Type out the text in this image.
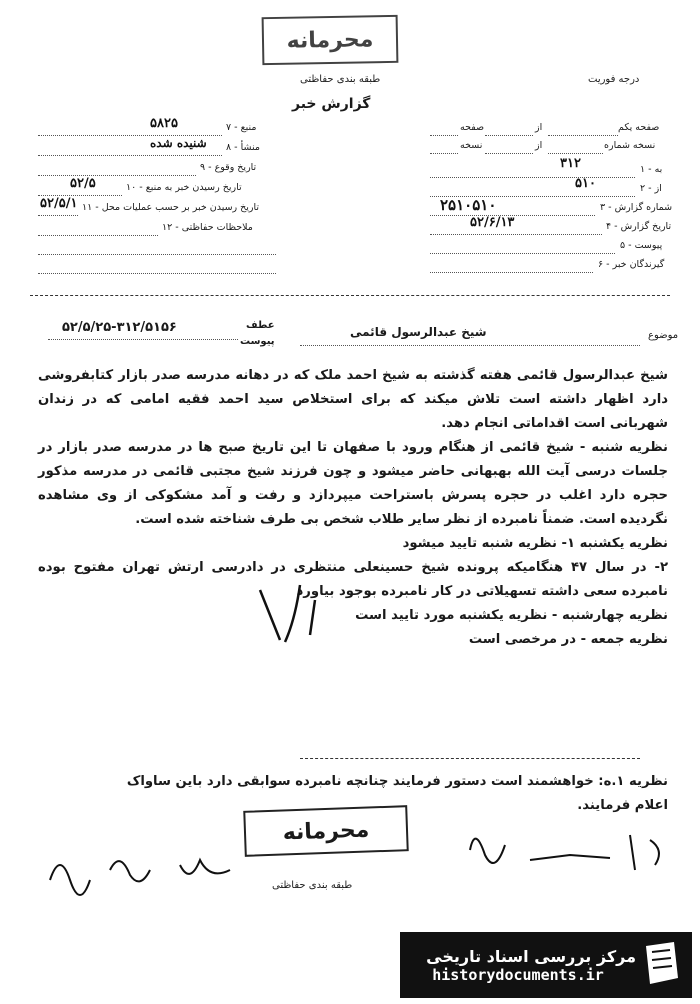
محرمانه
طبقه بندی حفاظتی	درجه فوریت
گزارش خبر
صفحه یکم
از
صفحه
نسخه شماره
از
نسخه
۱ - به
۳۱۲
۲ - از
۵۱۰
۳ - شماره گزارش
۲۵۱۰۵۱۰
۴ - تاریخ گزارش
۵۲/۶/۱۳
۵ - پیوست
۶ - گیرندگان خبر
۷ - منبع
۵۸۲۵
۸ - منشأ
شنیده شده
۹ - تاریخ وقوع
۱۰ - تاریخ رسیدن خبر به منبع
۵۲/۵
۱۱ - تاریخ رسیدن خبر بر حسب عملیات محل
۵۲/۵/۱
۱۲ - ملاحظات حفاظتی
موضوع
شیخ عبدالرسول قائمی
۵۲/۵/۲۵-۳۱۲/۵۱۵۶	عطف
پیوست

شیخ عبدالرسول قائمی هفته گذشته به شیخ احمد ملک که در دهانه مدرسه صدر بازار کتابفروشی دارد اظهار داشته است تلاش میکند که برای استخلاص سید احمد فقیه امامی که در زندان شهربانی است اقداماتی انجام دهد.

نظریه شنبه - شیخ قائمی از هنگام ورود با صفهان تا این تاریخ صبح ها در مدرسه صدر بازار در جلسات درسی آیت الله بهبهانی حاضر میشود و چون فرزند شیخ مجتبی قائمی در مدرسه مذکور حجره دارد اغلب در حجره پسرش باستراحت میپردازد و رفت و آمد مشکوکی از وی مشاهده نگردیده است. ضمناً نامبرده از نظر سایر طلاب شخص بی طرف شناخته شده است.

نظریه یکشنبه ۱- نظریه شنبه تایید میشود

۲- در سال ۴۷ هنگامیکه پرونده شیخ حسینعلی منتظری در دادرسی ارتش تهران مفتوح بوده نامبرده سعی داشته تسهیلاتی در کار نامبرده بوجود بیاورد

نظریه چهارشنبه - نظریه یکشنبه مورد تایید است

نظریه جمعه - در مرخصی است

نظریه ۱.ه: خواهشمند است دستور فرمایند چنانچه نامبرده سوابقی دارد باین ساواک

اعلام فرمایند.

محرمانه
طبقه بندی حفاظتی
مرکز بررسی اسناد تاریخی
historydocuments.ir
